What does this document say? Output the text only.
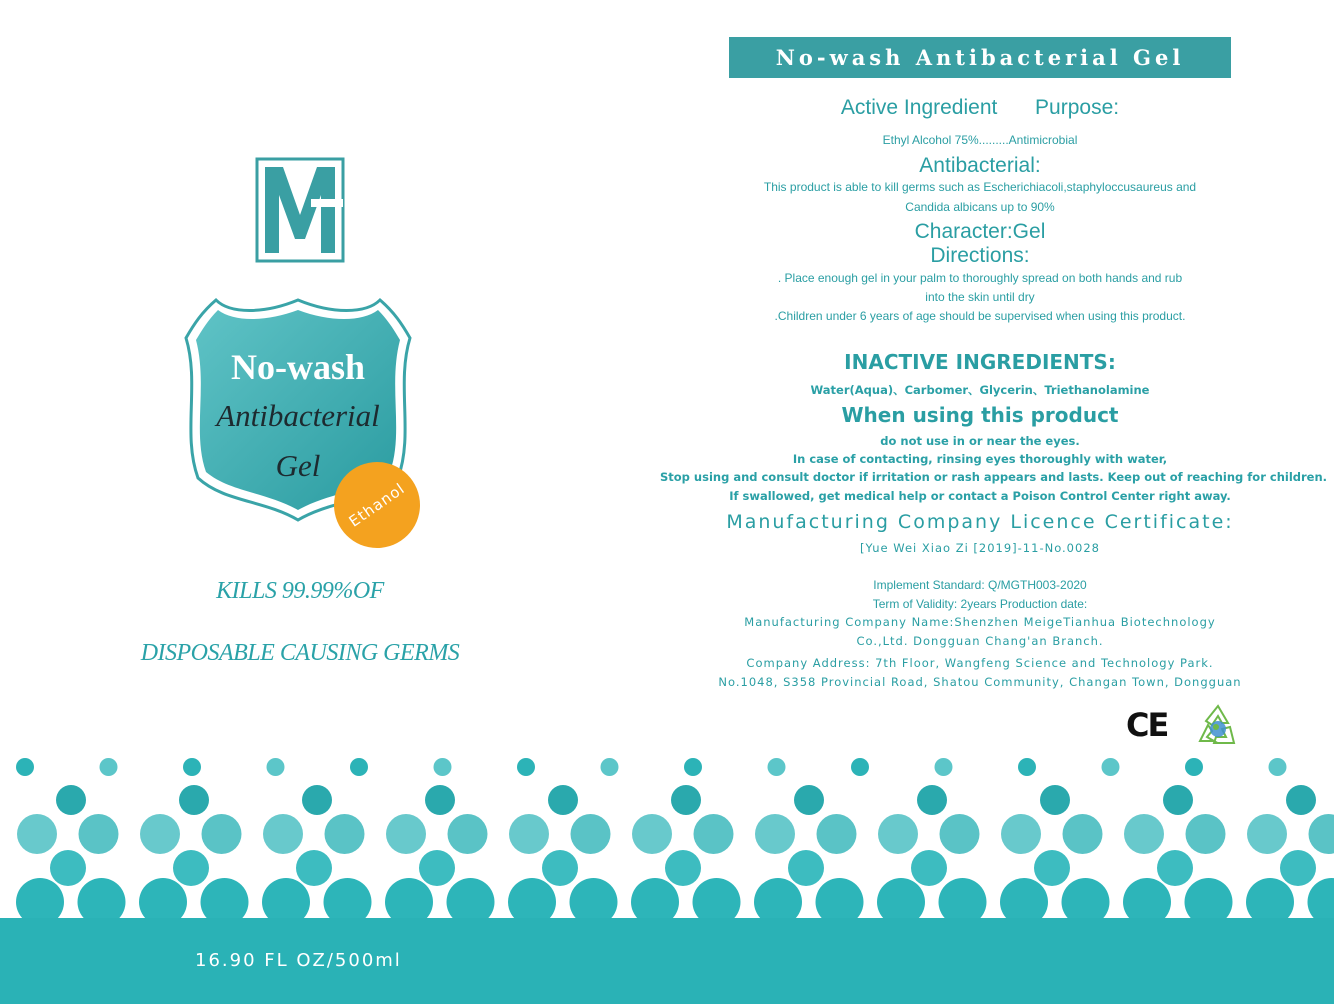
No-wash
Antibacterial
Gel
Ethanol
KILLS 99.99%OF
DISPOSABLE CAUSING GERMS
No-wash Antibacterial Gel
Active Ingredient Purpose:
Ethyl Alcohol 75%.........Antimicrobial
Antibacterial:
This product is able to kill germs such as Escherichiacoli,staphyloccusaureus and
Candida albicans up to 90%
Character:Gel
Directions:
. Place enough gel in your palm to thoroughly spread on both hands and rub
into the skin until dry
.Children under 6 years of age should be supervised when using this product.
INACTIVE INGREDIENTS:
Water(Aqua)、Carbomer、Glycerin、Triethanolamine
When using this product
do not use in or near the eyes.
In case of contacting, rinsing eyes thoroughly with water,
Stop using and consult doctor if irritation or rash appears and lasts. Keep out of reaching for children.
If swallowed, get medical help or contact a Poison Control Center right away.
Manufacturing Company Licence Certificate:
[Yue Wei Xiao Zi [2019]-11-No.0028
Implement Standard: Q/MGTH003-2020
Term of Validity: 2years Production date:
Manufacturing Company Name:Shenzhen MeigeTianhua Biotechnology
Co.,Ltd. Dongguan Chang'an Branch.
Company Address: 7th Floor, Wangfeng Science and Technology Park.
No.1048, S358 Provincial Road, Shatou Community, Changan Town, Dongguan
CE
16.90 FL OZ/500ml
